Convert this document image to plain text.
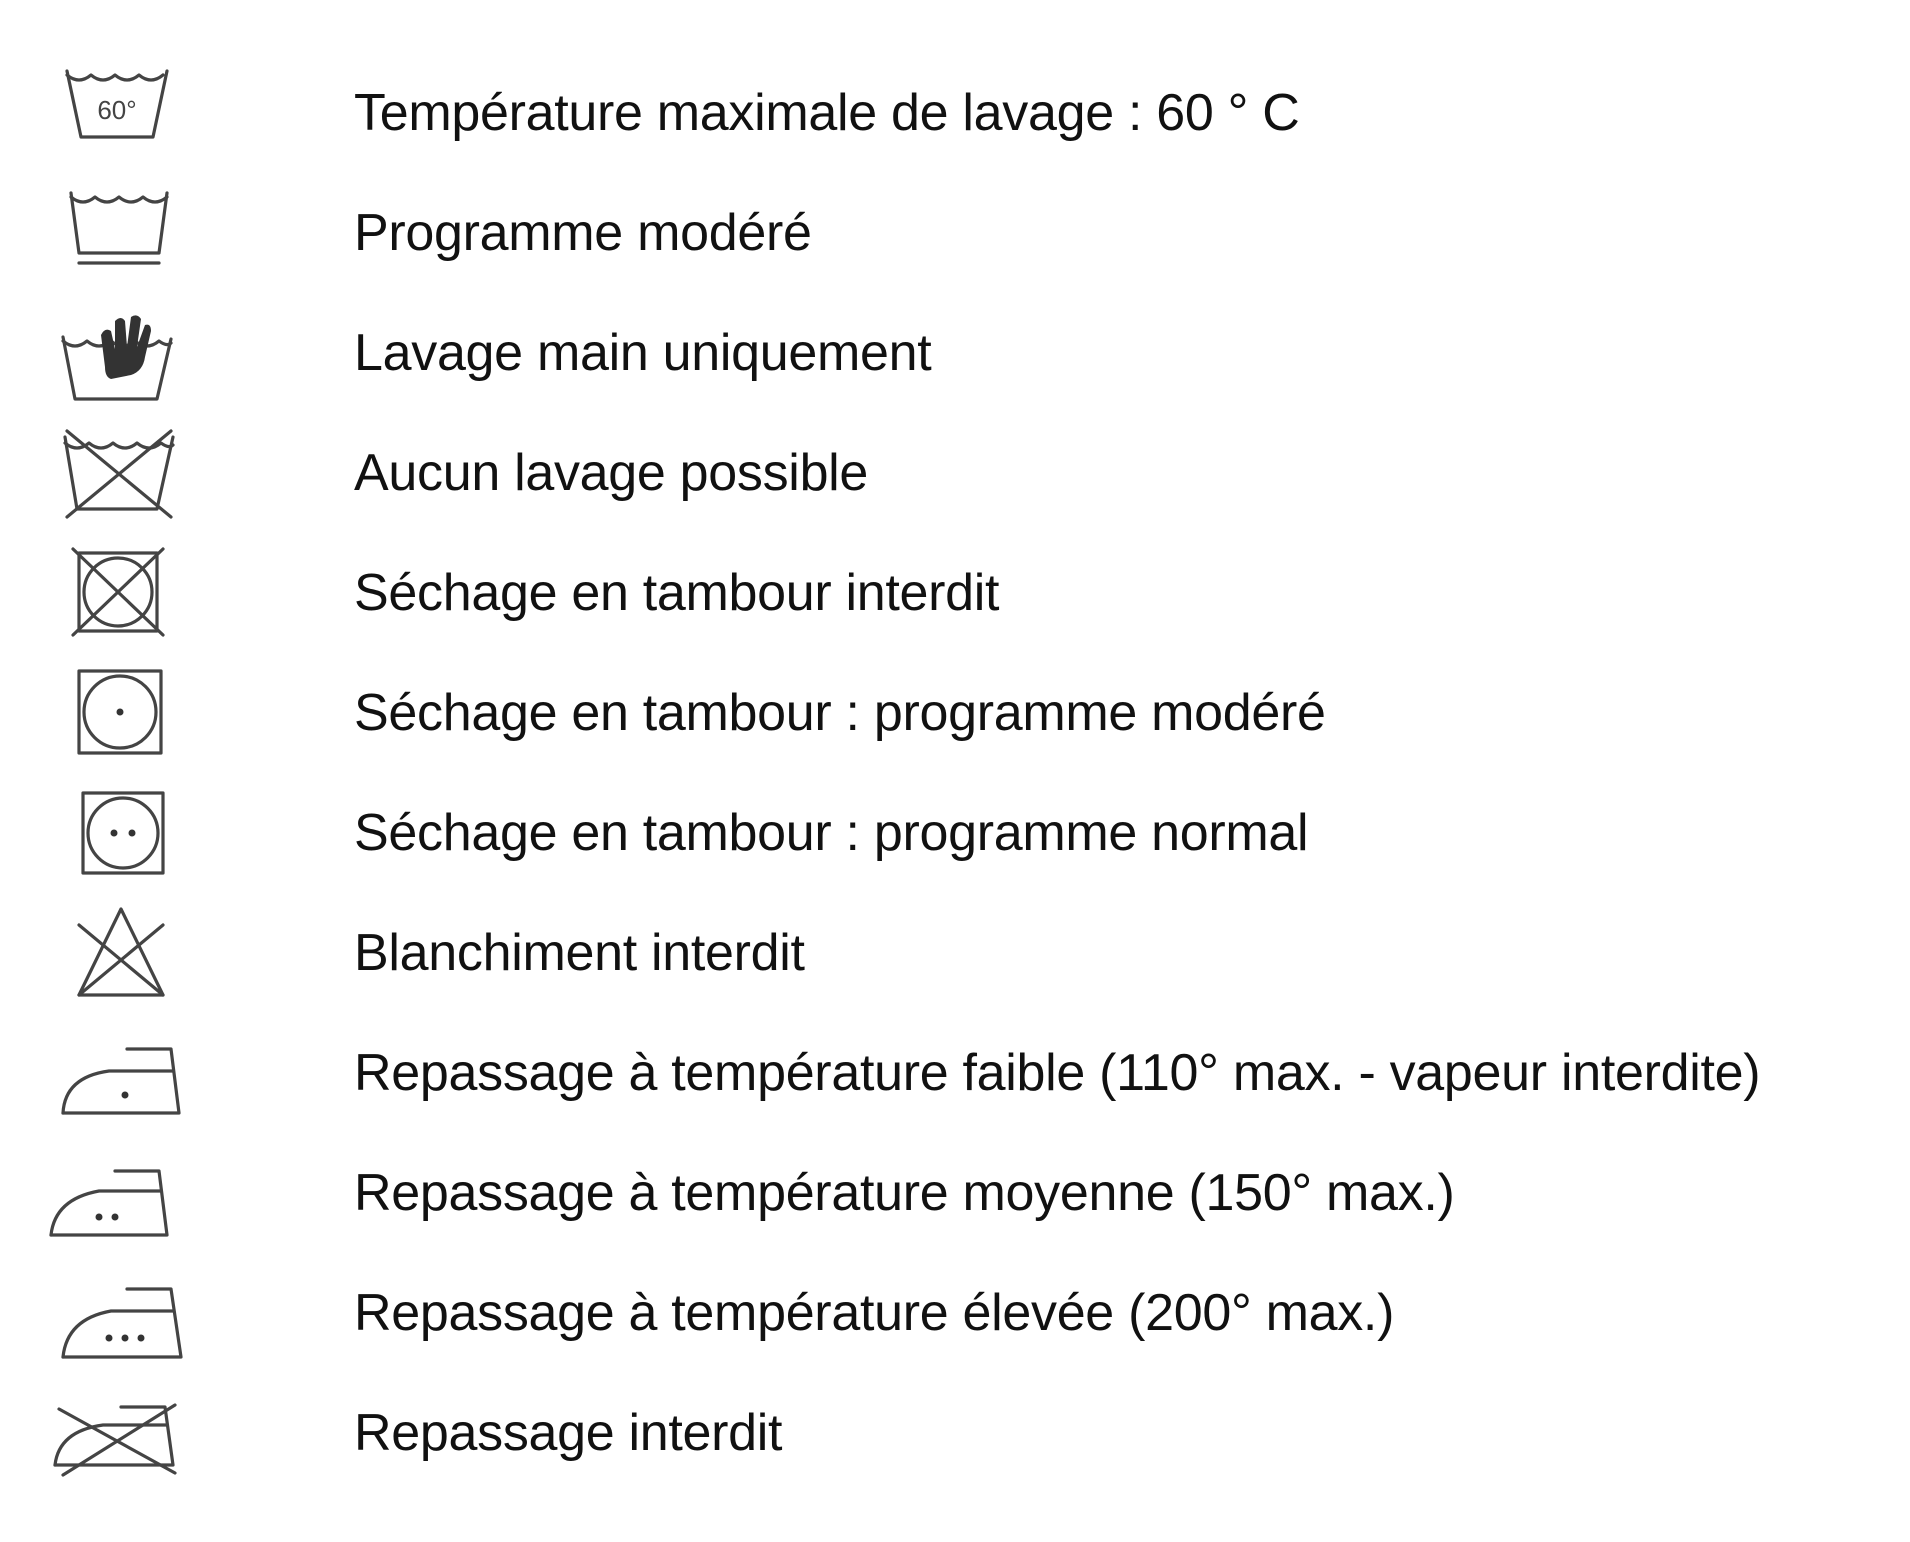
60°	Température maximale de lavage : 60 ° C
Programme modéré
Lavage main uniquement
Aucun lavage possible
Séchage en tambour interdit
Séchage en tambour : programme modéré
Séchage en tambour : programme normal
Blanchiment interdit
Repassage à température faible (110° max. - vapeur interdite)
Repassage à température moyenne (150° max.)
Repassage à température élevée (200° max.)
Repassage interdit
